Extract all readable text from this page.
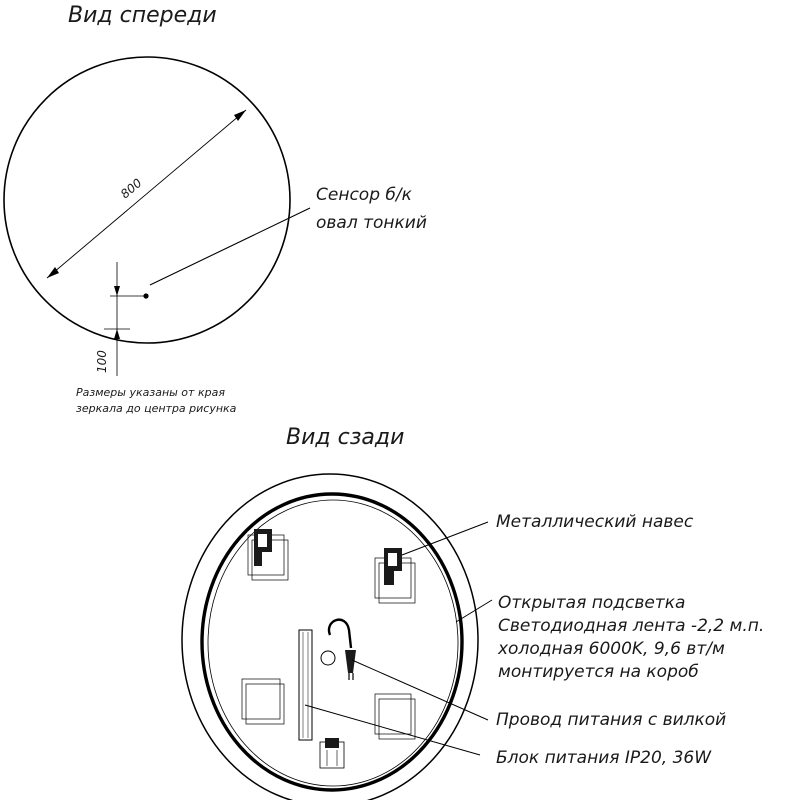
Вид спереди
800	Сенсор б/к
овал тонкий
100
Размеры указаны от края
зеркала до центра рисунка
Вид сзади
Металлический навес
Открытая подсветка
Светодиодная лента -2,2 м.п.
холодная 6000K, 9,6 вт/м
монтируется на короб
Провод питания с вилкой
Блок питания IP20, 36W
